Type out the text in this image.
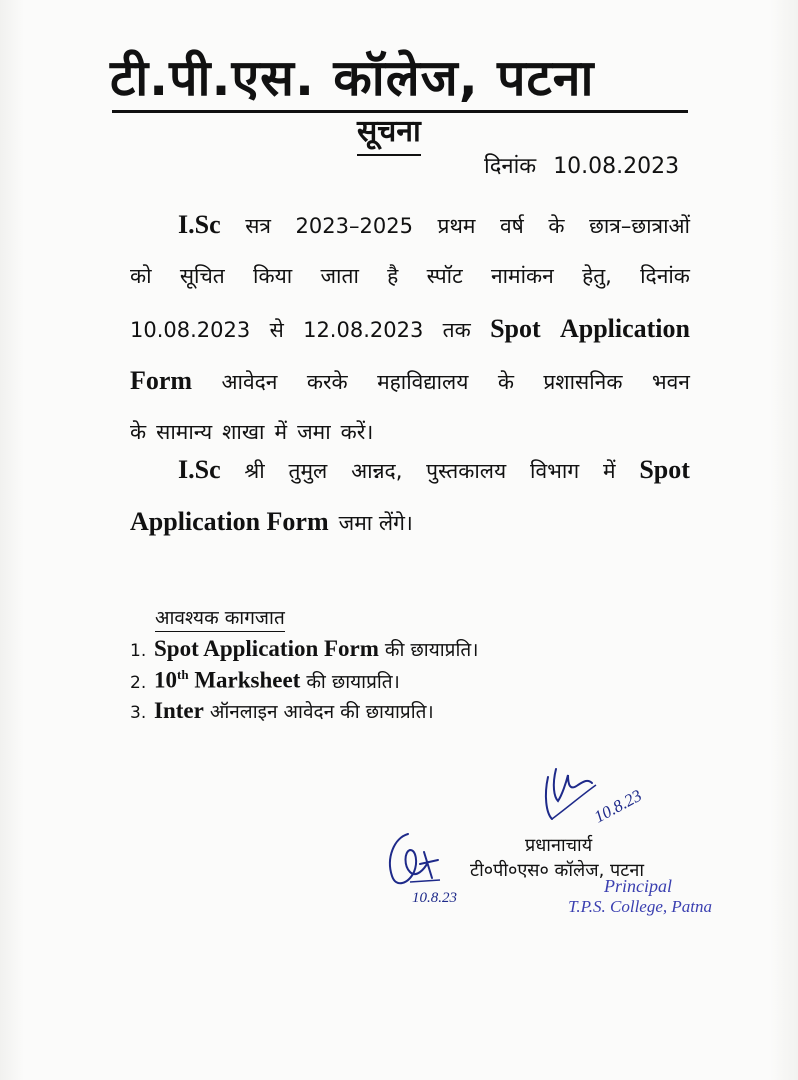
टी.पी.एस. कॉलेज, पटना
सूचना
दिनांक 10.08.2023
I.Sc सत्र 2023–2025 प्रथम वर्ष के छात्र–छात्राओं
को सूचित किया जाता है स्पॉट नामांकन हेतु, दिनांक
10.08.2023 से 12.08.2023 तक Spot Application
Form आवेदन करके महाविद्यालय के प्रशासनिक भवन
के सामान्य शाखा में जमा करें।
I.Sc श्री तुमुल आन्नद, पुस्तकालय विभाग में Spot
Application Form जमा लेंगे।
आवश्यक कागजात
1. Spot Application Form की छायाप्रति।
2. 10th Marksheet की छायाप्रति।
3. Inter ऑनलाइन आवेदन की छायाप्रति।
10.8.23
प्रधानाचार्य
10.8.23
टी०पी०एस० कॉलेज, पटना
Principal
T.P.S. College, Patna
